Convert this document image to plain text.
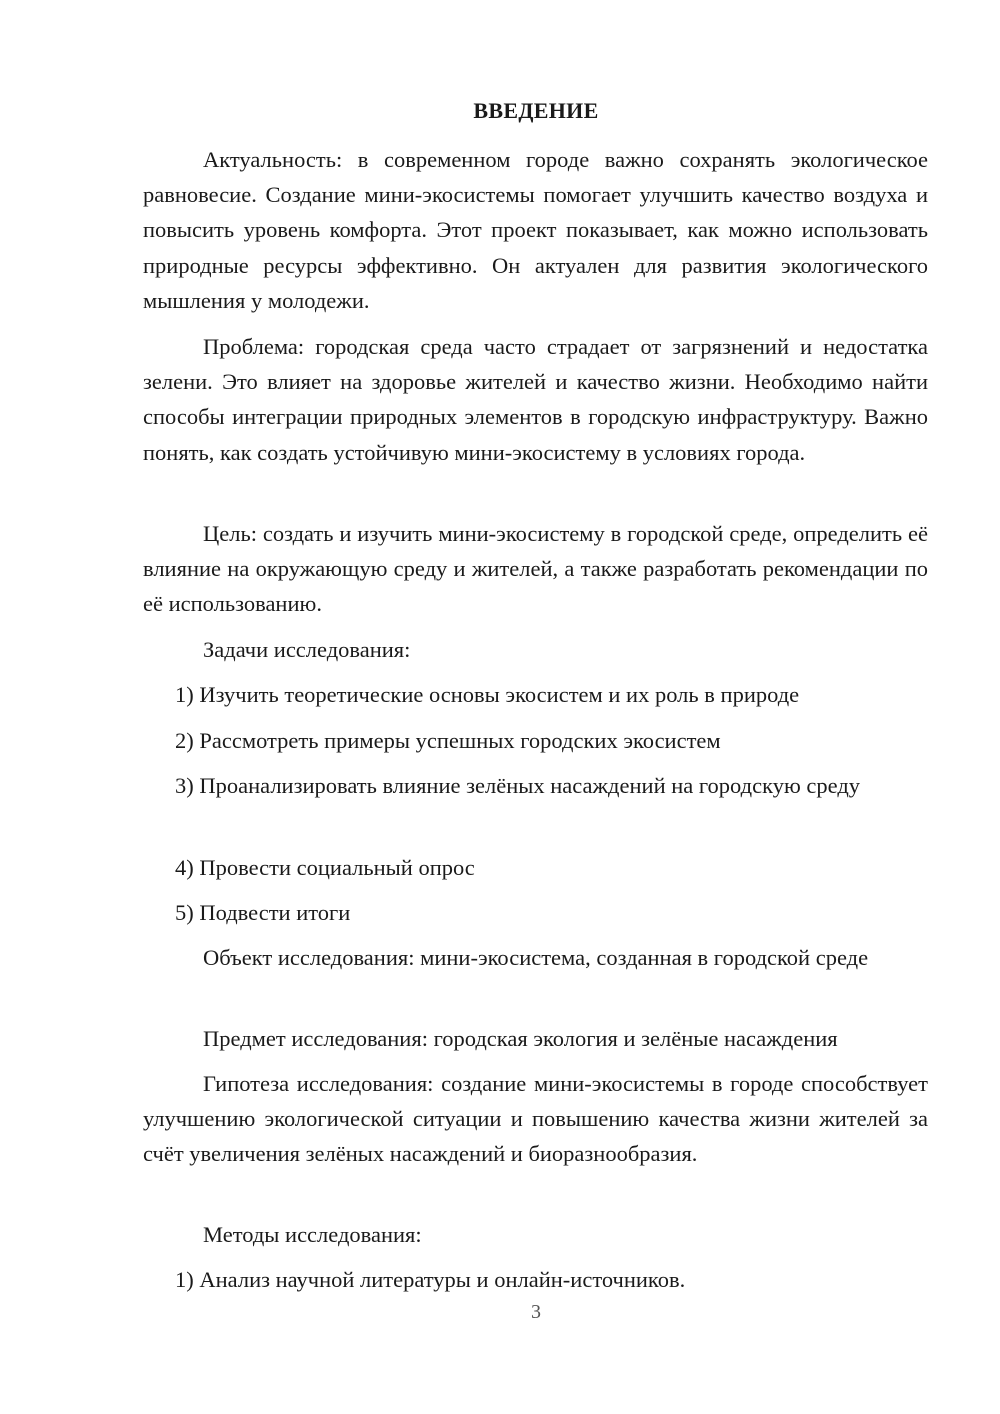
ВВЕДЕНИЕ

Актуальность: в современном городе важно сохранять экологическое равновесие. Создание мини-экосистемы помогает улучшить качество воздуха и повысить уровень комфорта. Этот проект показывает, как можно использовать природные ресурсы эффективно. Он актуален для развития экологического мышления у молодежи.

Проблема: городская среда часто страдает от загрязнений и недостатка зелени. Это влияет на здоровье жителей и качество жизни. Необходимо найти способы интеграции природных элементов в городскую инфраструктуру. Важно понять, как создать устойчивую мини-экосистему в условиях города.

Цель: создать и изучить мини-экосистему в городской среде, определить её влияние на окружающую среду и жителей, а также разработать рекомендации по её использованию.

Задачи исследования:

1) Изучить теоретические основы экосистем и их роль в природе

2) Рассмотреть примеры успешных городских экосистем

3) Проанализировать влияние зелёных насаждений на городскую среду

4) Провести социальный опрос

5) Подвести итоги

Объект исследования: мини-экосистема, созданная в городской среде

Предмет исследования: городская экология и зелёные насаждения

Гипотеза исследования: создание мини-экосистемы в городе способствует улучшению экологической ситуации и повышению качества жизни жителей за счёт увеличения зелёных насаждений и биоразнообразия.

Методы исследования:

1) Анализ научной литературы и онлайн-источников.

3
